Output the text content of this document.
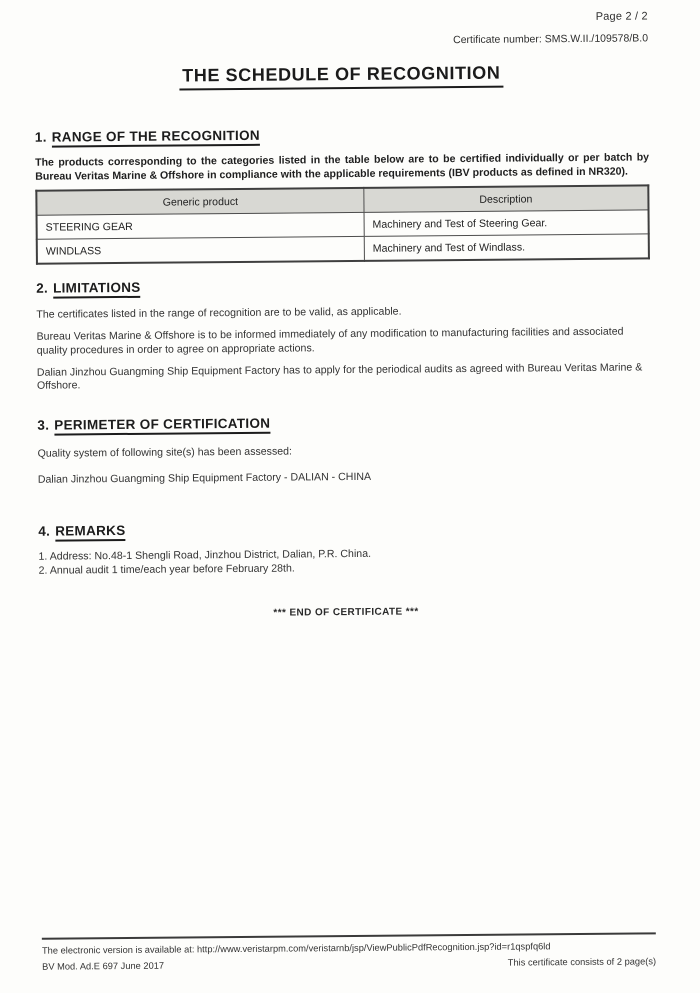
Page 2 / 2
Certificate number: SMS.W.II./109578/B.0
THE SCHEDULE OF RECOGNITION
1. RANGE OF THE RECOGNITION

The products corresponding to the categories listed in the table below are to be certified individually or per batch by Bureau Veritas Marine & Offshore in compliance with the applicable requirements (IBV products as defined in NR320).

Generic product	Description
STEERING GEAR	Machinery and Test of Steering Gear.
WINDLASS	Machinery and Test of Windlass.
2. LIMITATIONS

The certificates listed in the range of recognition are to be valid, as applicable.

Bureau Veritas Marine & Offshore is to be informed immediately of any modification to manufacturing facilities and associated quality procedures in order to agree on appropriate actions.

Dalian Jinzhou Guangming Ship Equipment Factory has to apply for the periodical audits as agreed with Bureau Veritas Marine & Offshore.

3. PERIMETER OF CERTIFICATION

Quality system of following site(s) has been assessed:

Dalian Jinzhou Guangming Ship Equipment Factory - DALIAN - CHINA

4. REMARKS

1. Address: No.48-1 Shengli Road, Jinzhou District, Dalian, P.R. China.

2. Annual audit 1 time/each year before February 28th.

*** END OF CERTIFICATE ***
The electronic version is available at: http://www.veristarpm.com/veristarnb/jsp/ViewPublicPdfRecognition.jsp?id=r1qspfq6ld
BV Mod. Ad.E 697 June 2017	This certificate consists of 2 page(s)
